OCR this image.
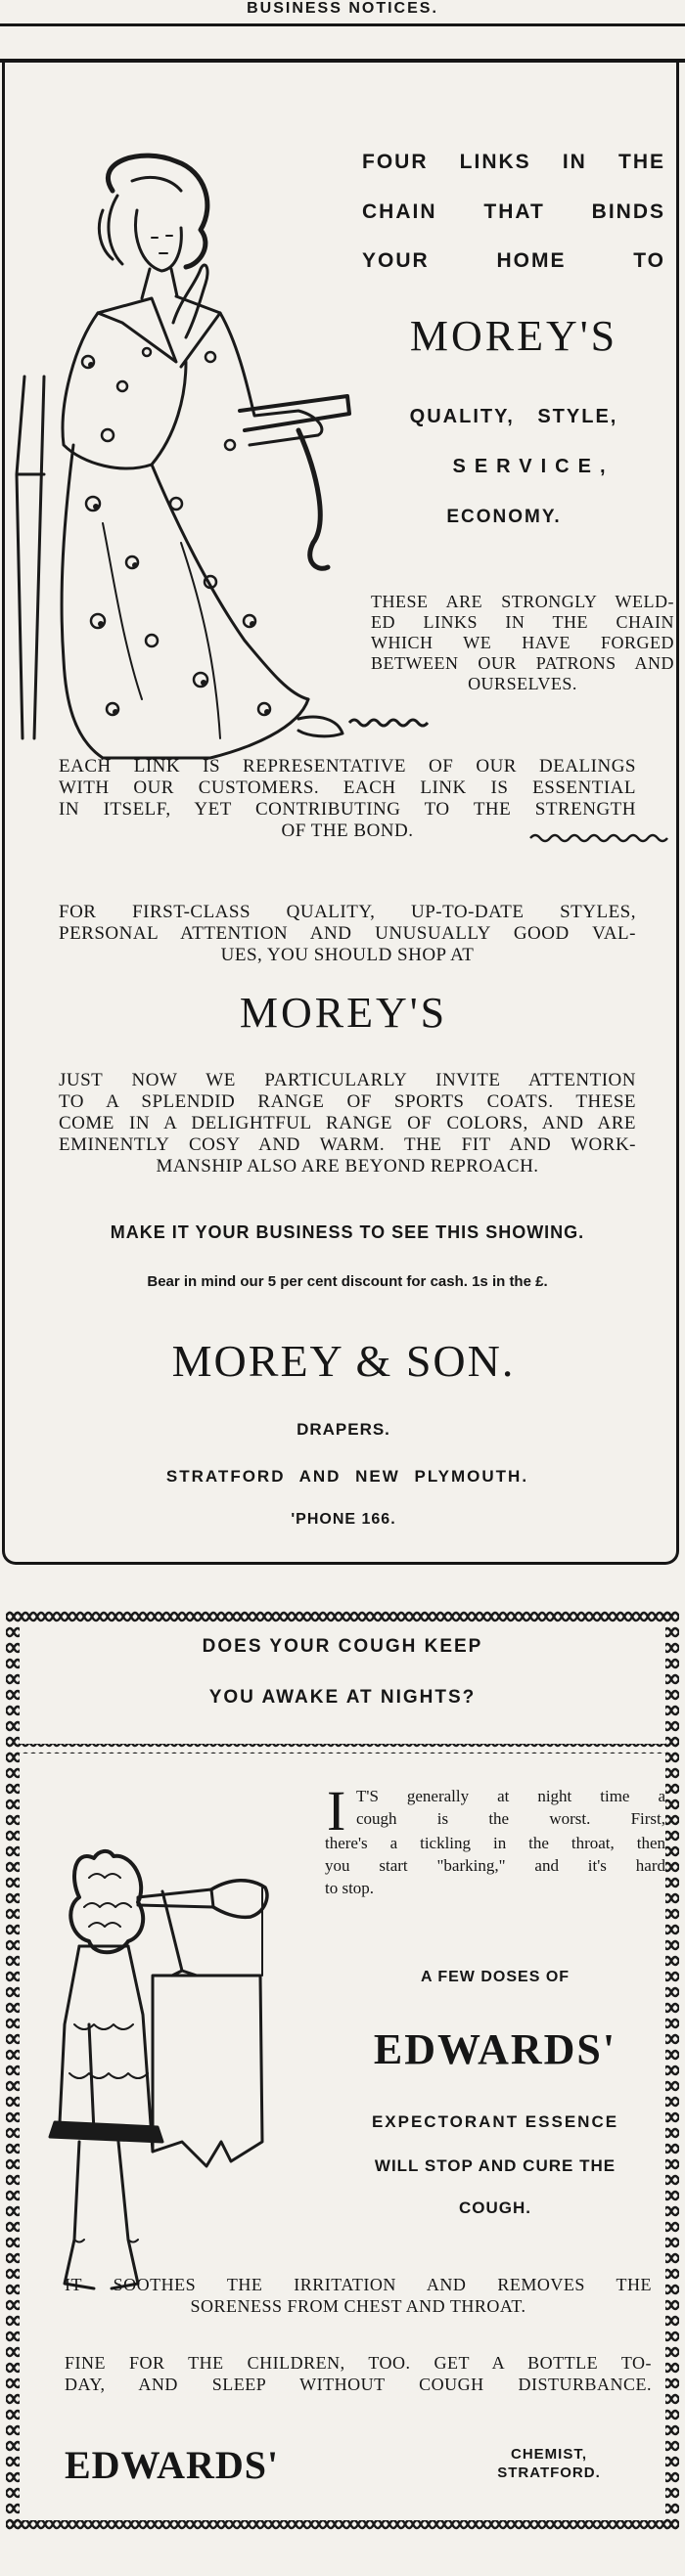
BUSINESS NOTICES.
FOUR LINKS IN THE
CHAIN THAT BINDS
YOUR HOME TO
MOREY'S
QUALITY, STYLE,
SERVICE,
ECONOMY.
THESE ARE STRONGLY WELD-
ED LINKS IN THE CHAIN
WHICH WE HAVE FORGED
BETWEEN OUR PATRONS AND
OURSELVES.
EACH LINK IS REPRESENTATIVE OF OUR DEALINGS
WITH OUR CUSTOMERS. EACH LINK IS ESSENTIAL
IN ITSELF, YET CONTRIBUTING TO THE STRENGTH
OF THE BOND.
FOR FIRST-CLASS QUALITY, UP-TO-DATE STYLES,
PERSONAL ATTENTION AND UNUSUALLY GOOD VAL-
UES, YOU SHOULD SHOP AT
MOREY'S
JUST NOW WE PARTICULARLY INVITE ATTENTION
TO A SPLENDID RANGE OF SPORTS COATS. THESE
COME IN A DELIGHTFUL RANGE OF COLORS, AND ARE
EMINENTLY COSY AND WARM. THE FIT AND WORK-
MANSHIP ALSO ARE BEYOND REPROACH.
MAKE IT YOUR BUSINESS TO SEE THIS SHOWING.
Bear in mind our 5 per cent discount for cash. 1s in the £.
MOREY & SON.
DRAPERS.
STRATFORD AND NEW PLYMOUTH.
'PHONE 166.
DOES YOUR COUGH KEEP
YOU AWAKE AT NIGHTS?
I T'S generally at night time a
cough is the worst. First,
there's a tickling in the throat, then
you start "barking," and it's hard
to stop.
A FEW DOSES OF
EDWARDS'
EXPECTORANT ESSENCE
WILL STOP AND CURE THE
COUGH.
IT SOOTHES THE IRRITATION AND REMOVES THE
SORENESS FROM CHEST AND THROAT.
FINE FOR THE CHILDREN, TOO. GET A BOTTLE TO-
DAY, AND SLEEP WITHOUT COUGH DISTURBANCE.
EDWARDS'	CHEMIST,
STRATFORD.
